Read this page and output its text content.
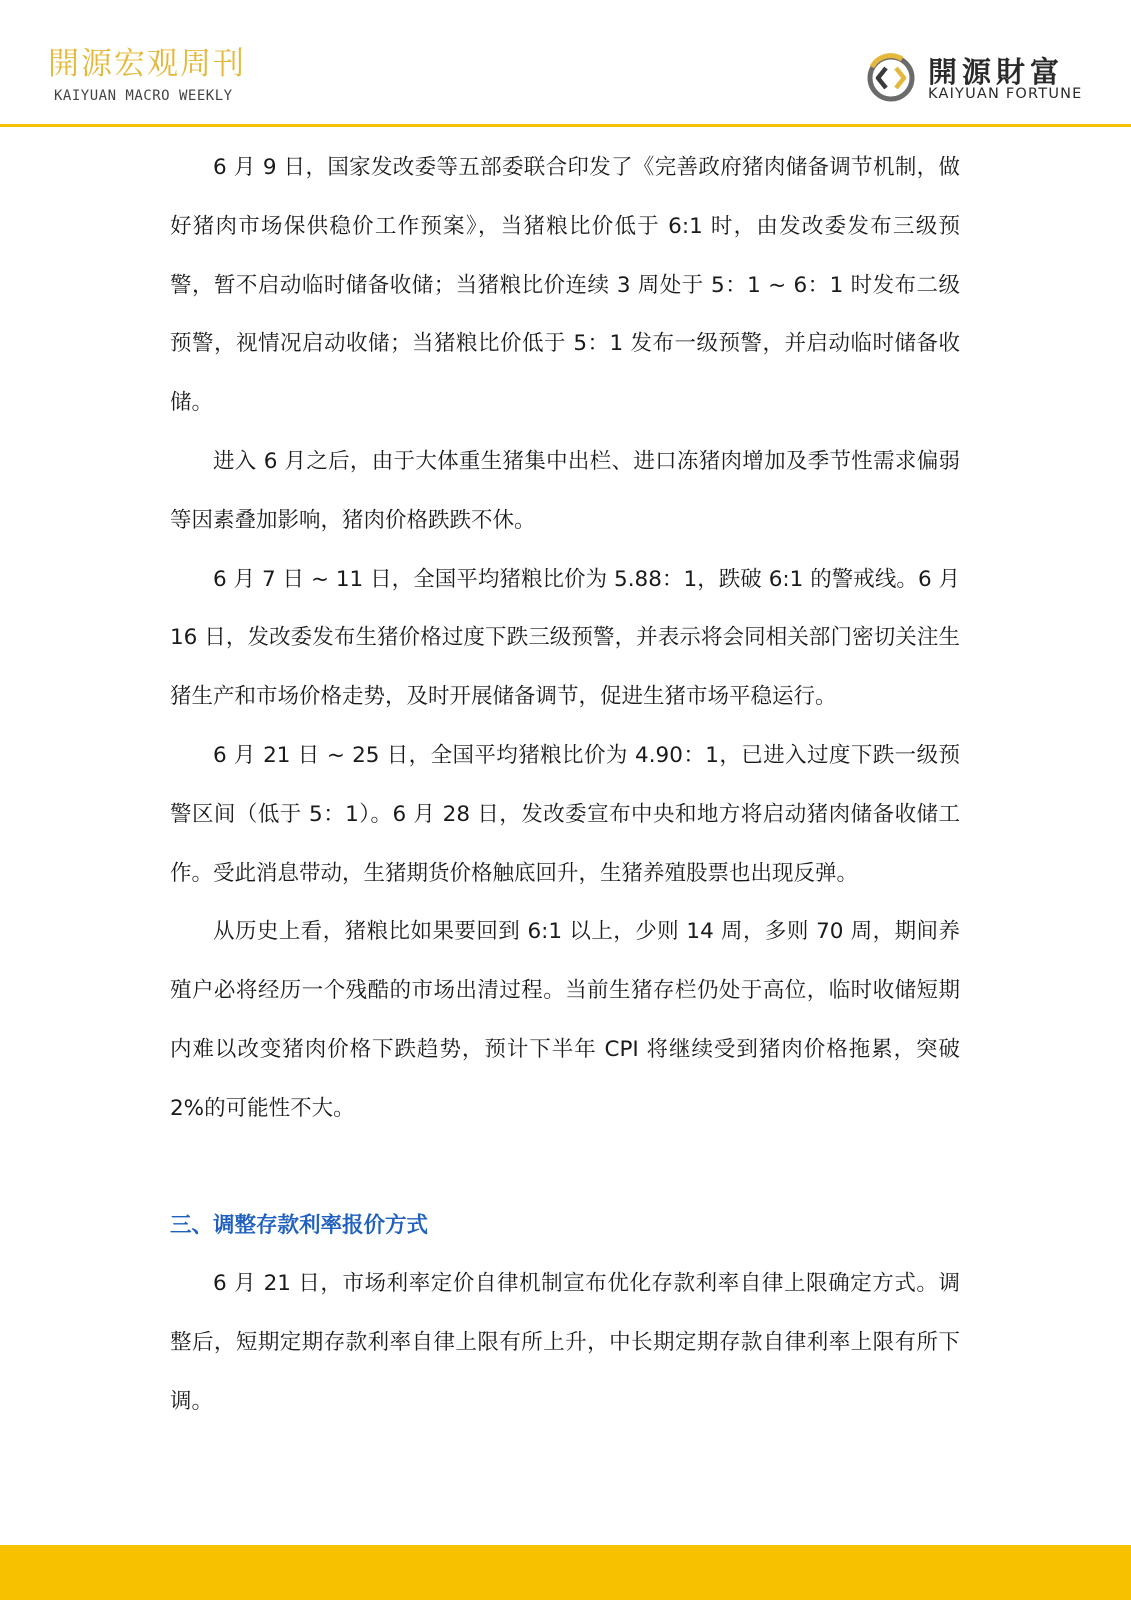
開源宏观周刊
KAIYUAN MACRO WEEKLY
開源財富
KAIYUAN FORTUNE

6 月 9 日，国家发改委等五部委联合印发了《完善政府猪肉储备调节机制，做好猪肉市场保供稳价工作预案》，当猪粮比价低于 6:1 时，由发改委发布三级预警，暂不启动临时储备收储；当猪粮比价连续 3 周处于 5：1 ~ 6：1 时发布二级预警，视情况启动收储；当猪粮比价低于 5：1 发布一级预警，并启动临时储备收储。

进入 6 月之后，由于大体重生猪集中出栏、进口冻猪肉增加及季节性需求偏弱等因素叠加影响，猪肉价格跌跌不休。

6 月 7 日 ~ 11 日，全国平均猪粮比价为 5.88：1，跌破 6:1 的警戒线。6 月 16 日，发改委发布生猪价格过度下跌三级预警，并表示将会同相关部门密切关注生猪生产和市场价格走势，及时开展储备调节，促进生猪市场平稳运行。

6 月 21 日 ~ 25 日，全国平均猪粮比价为 4.90：1，已进入过度下跌一级预警区间（低于 5：1）。6 月 28 日，发改委宣布中央和地方将启动猪肉储备收储工作。受此消息带动，生猪期货价格触底回升，生猪养殖股票也出现反弹。

从历史上看，猪粮比如果要回到 6:1 以上，少则 14 周，多则 70 周，期间养殖户必将经历一个残酷的市场出清过程。当前生猪存栏仍处于高位，临时收储短期内难以改变猪肉价格下跌趋势，预计下半年 CPI 将继续受到猪肉价格拖累，突破 2%的可能性不大。

三、调整存款利率报价方式

6 月 21 日，市场利率定价自律机制宣布优化存款利率自律上限确定方式。调整后，短期定期存款利率自律上限有所上升，中长期定期存款自律利率上限有所下调。
